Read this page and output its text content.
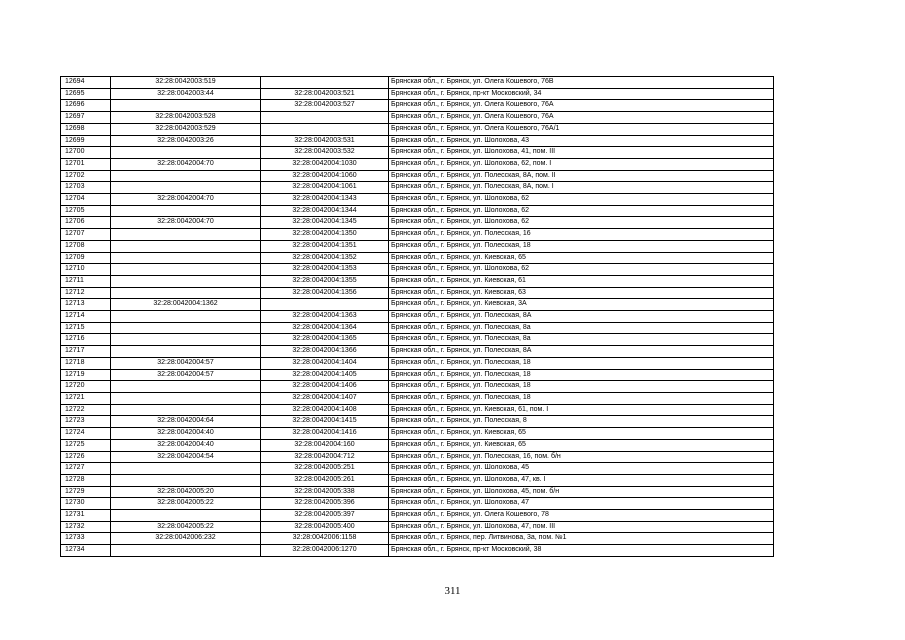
12694	32:28:0042003:519		Брянская обл., г. Брянск, ул. Олега Кошевого, 76В
12695	32:28:0042003:44	32:28:0042003:521	Брянская обл., г. Брянск, пр-кт Московский, 34
12696		32:28:0042003:527	Брянская обл., г. Брянск, ул. Олега Кошевого, 76А
12697	32:28:0042003:528		Брянская обл., г. Брянск, ул. Олега Кошевого, 76А
12698	32:28:0042003:529		Брянская обл., г. Брянск, ул. Олега Кошевого, 76А/1
12699	32:28:0042003:26	32:28:0042003:531	Брянская обл., г. Брянск, ул. Шолохова, 43
12700		32:28:0042003:532	Брянская обл., г. Брянск, ул. Шолохова, 41, пом. III
12701	32:28:0042004:70	32:28:0042004:1030	Брянская обл., г. Брянск, ул. Шолохова, 62, пом. I
12702		32:28:0042004:1060	Брянская обл., г. Брянск, ул. Полесская, 8А, пом. II
12703		32:28:0042004:1061	Брянская обл., г. Брянск, ул. Полесская, 8А, пом. I
12704	32:28:0042004:70	32:28:0042004:1343	Брянская обл., г. Брянск, ул. Шолохова, 62
12705		32:28:0042004:1344	Брянская обл., г. Брянск, ул. Шолохова, 62
12706	32:28:0042004:70	32:28:0042004:1345	Брянская обл., г. Брянск, ул. Шолохова, 62
12707		32:28:0042004:1350	Брянская обл., г. Брянск, ул. Полесская, 16
12708		32:28:0042004:1351	Брянская обл., г. Брянск, ул. Полесская, 18
12709		32:28:0042004:1352	Брянская обл., г. Брянск, ул. Киевская, 65
12710		32:28:0042004:1353	Брянская обл., г. Брянск, ул. Шолохова, 62
12711		32:28:0042004:1355	Брянская обл., г. Брянск, ул. Киевская, 61
12712		32:28:0042004:1356	Брянская обл., г. Брянск, ул. Киевская, 63
12713	32:28:0042004:1362		Брянская обл., г. Брянск, ул. Киевская, 3А
12714		32:28:0042004:1363	Брянская обл., г. Брянск, ул. Полесская, 8А
12715		32:28:0042004:1364	Брянская обл., г. Брянск, ул. Полесская, 8а
12716		32:28:0042004:1365	Брянская обл., г. Брянск, ул. Полесская, 8а
12717		32:28:0042004:1366	Брянская обл., г. Брянск, ул. Полесская, 8А
12718	32:28:0042004:57	32:28:0042004:1404	Брянская обл., г. Брянск, ул. Полесская, 18
12719	32:28:0042004:57	32:28:0042004:1405	Брянская обл., г. Брянск, ул. Полесская, 18
12720		32:28:0042004:1406	Брянская обл., г. Брянск, ул. Полесская, 18
12721		32:28:0042004:1407	Брянская обл., г. Брянск, ул. Полесская, 18
12722		32:28:0042004:1408	Брянская обл., г. Брянск, ул. Киевская, 61, пом. I
12723	32:28:0042004:64	32:28:0042004:1415	Брянская обл., г. Брянск, ул. Полесская, 8
12724	32:28:0042004:40	32:28:0042004:1416	Брянская обл., г. Брянск, ул. Киевская, 65
12725	32:28:0042004:40	32:28:0042004:160	Брянская обл., г. Брянск, ул. Киевская, 65
12726	32:28:0042004:54	32:28:0042004:712	Брянская обл., г. Брянск, ул. Полесская, 16, пом. б/н
12727		32:28:0042005:251	Брянская обл., г. Брянск, ул. Шолохова, 45
12728		32:28:0042005:261	Брянская обл., г. Брянск, ул. Шолохова, 47, кв. I
12729	32:28:0042005:20	32:28:0042005:338	Брянская обл., г. Брянск, ул. Шолохова, 45, пом. б/н
12730	32:28:0042005:22	32:28:0042005:396	Брянская обл., г. Брянск, ул. Шолохова, 47
12731		32:28:0042005:397	Брянская обл., г. Брянск, ул. Олега Кошевого, 78
12732	32:28:0042005:22	32:28:0042005:400	Брянская обл., г. Брянск, ул. Шолохова, 47, пом. III
12733	32:28:0042006:232	32:28:0042006:1158	Брянская обл., г. Брянск, пер. Литвинова, 3а, пом. №1
12734		32:28:0042006:1270	Брянская обл., г. Брянск, пр-кт Московский, 38
311
